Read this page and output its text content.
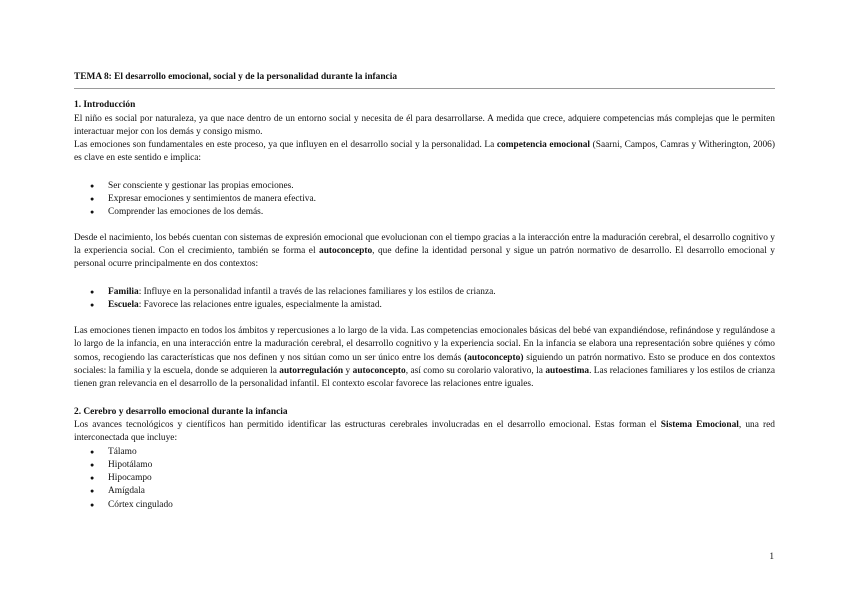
TEMA 8: El desarrollo emocional, social y de la personalidad durante la infancia

1. Introducción

El niño es social por naturaleza, ya que nace dentro de un entorno social y necesita de él para desarrollarse. A medida que crece, adquiere competencias más complejas que le permiten interactuar mejor con los demás y consigo mismo.

Las emociones son fundamentales en este proceso, ya que influyen en el desarrollo social y la personalidad. La competencia emocional (Saarni, Campos, Camras y Witherington, 2006) es clave en este sentido e implica:

● Ser consciente y gestionar las propias emociones.
● Expresar emociones y sentimientos de manera efectiva.
● Comprender las emociones de los demás.

Desde el nacimiento, los bebés cuentan con sistemas de expresión emocional que evolucionan con el tiempo gracias a la interacción entre la maduración cerebral, el desarrollo cognitivo y la experiencia social. Con el crecimiento, también se forma el autoconcepto, que define la identidad personal y sigue un patrón normativo de desarrollo. El desarrollo emocional y personal ocurre principalmente en dos contextos:

● Familia: Influye en la personalidad infantil a través de las relaciones familiares y los estilos de crianza.
● Escuela: Favorece las relaciones entre iguales, especialmente la amistad.

Las emociones tienen impacto en todos los ámbitos y repercusiones a lo largo de la vida. Las competencias emocionales básicas del bebé van expandiéndose, refinándose y regulándose a lo largo de la infancia, en una interacción entre la maduración cerebral, el desarrollo cognitivo y la experiencia social. En la infancia se elabora una representación sobre quiénes y cómo somos, recogiendo las características que nos definen y nos sitúan como un ser único entre los demás (autoconcepto) siguiendo un patrón normativo. Esto se produce en dos contextos sociales: la familia y la escuela, donde se adquieren la autorregulación y autoconcepto, así como su corolario valorativo, la autoestima. Las relaciones familiares y los estilos de crianza tienen gran relevancia en el desarrollo de la personalidad infantil. El contexto escolar favorece las relaciones entre iguales.

2. Cerebro y desarrollo emocional durante la infancia

Los avances tecnológicos y científicos han permitido identificar las estructuras cerebrales involucradas en el desarrollo emocional. Estas forman el Sistema Emocional, una red interconectada que incluye:

● Tálamo
● Hipotálamo
● Hipocampo
● Amígdala
● Córtex cingulado
1
